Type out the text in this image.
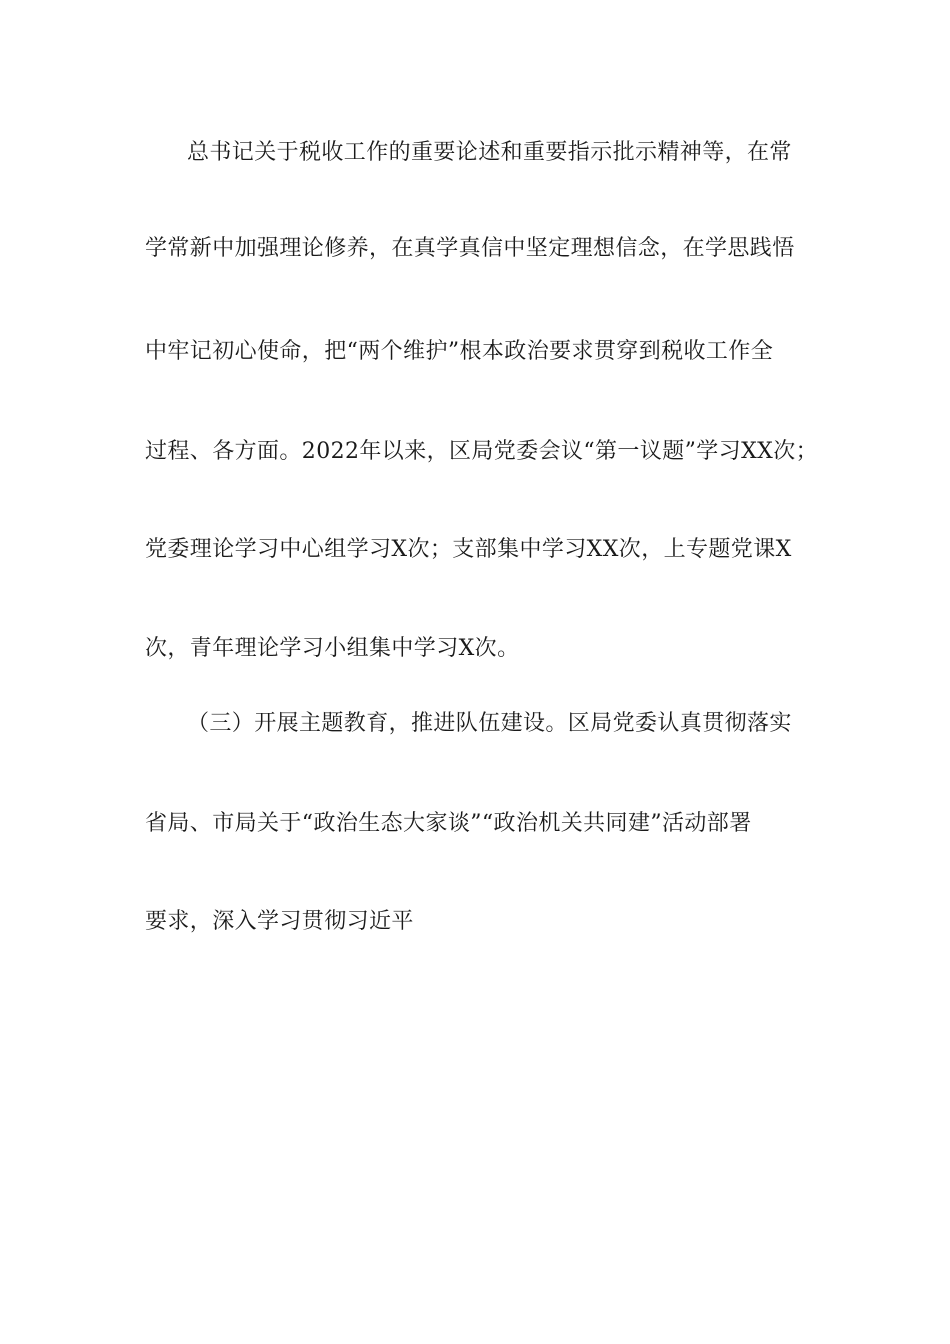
总书记关于税收工作的重要论述和重要指示批示精神等，在常
学常新中加强理论修养，在真学真信中坚定理想信念，在学思践悟
中牢记初心使命，把“两个维护”根本政治要求贯穿到税收工作全
过程、各方面。2022年以来，区局党委会议“第一议题”学习XX次；
党委理论学习中心组学习X次；支部集中学习XX次，上专题党课X
次，青年理论学习小组集中学习X次。
（三）开展主题教育，推进队伍建设。区局党委认真贯彻落实
省局、市局关于“政治生态大家谈”“政治机关共同建”活动部署
要求，深入学习贯彻习近平
